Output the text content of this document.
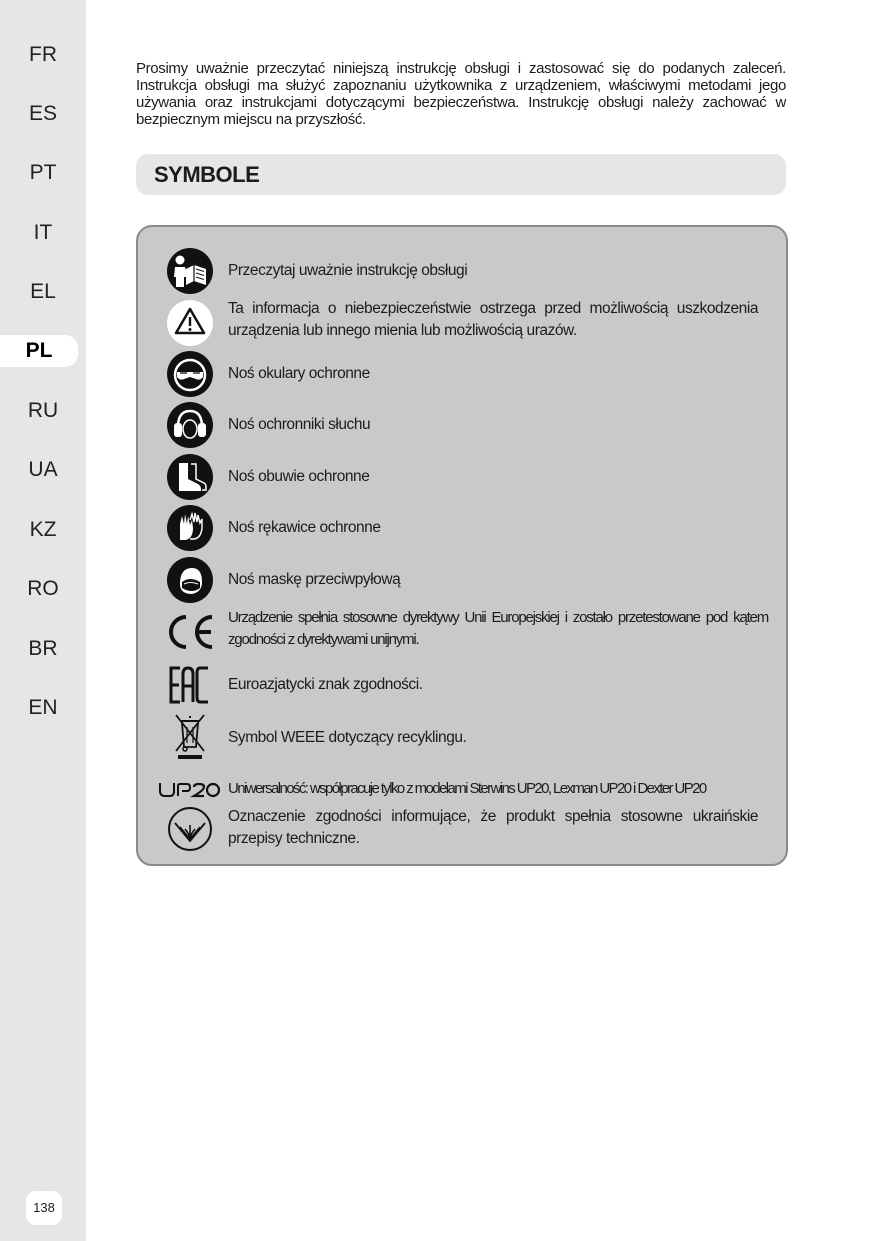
FR
ES
PT
IT
EL
PL
RU
UA
KZ
RO
BR
EN
138
Prosimy uważnie przeczytać niniejszą instrukcję obsługi i zastosować się do podanych zaleceń. Instrukcja obsługi ma służyć zapoznaniu użytkownika z urządzeniem, właściwymi metodami jego używania oraz instrukcjami dotyczącymi bezpieczeństwa. Instrukcję obsługi należy zachować w bezpiecznym miejscu na przyszłość.
SYMBOLE
Przeczytaj uważnie instrukcję obsługi
Ta informacja o niebezpieczeństwie ostrzega przed możliwością uszkodzenia urządzenia lub innego mienia lub możliwością urazów.
Noś okulary ochronne
Noś ochronniki słuchu
Noś obuwie ochronne
Noś rękawice ochronne
Noś maskę przeciwpyłową
Urządzenie spełnia stosowne dyrektywy Unii Europejskiej i zostało przetestowane pod kątem zgodności z dyrektywami unijnymi.
Euroazjatycki znak zgodności.
Symbol WEEE dotyczący recyklingu.
Uniwersalność: współpracuje tylko z modelami Sterwins UP20, Lexman UP20 i Dexter UP20
Oznaczenie zgodności informujące, że produkt spełnia stosowne ukraińskie przepisy techniczne.
